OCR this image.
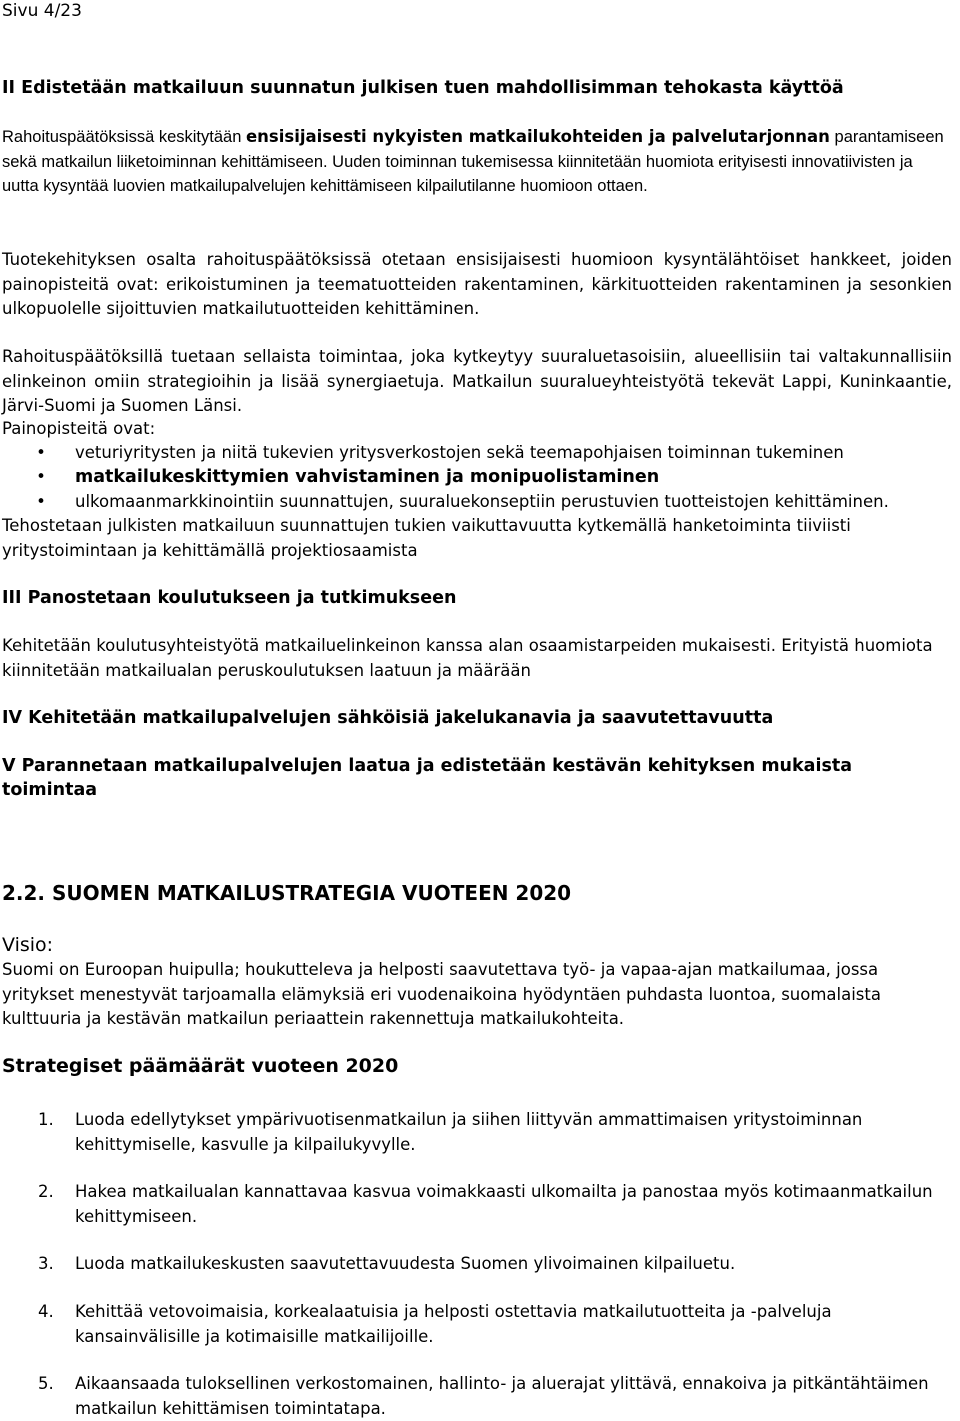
Sivu 4/23
II Edistetään matkailuun suunnatun julkisen tuen mahdollisimman tehokasta käyttöä
Rahoituspäätöksissä keskitytään ensisijaisesti nykyisten matkailukohteiden ja palvelutarjonnan parantamiseen sekä matkailun liiketoiminnan kehittämiseen. Uuden toiminnan tukemisessa kiinnitetään huomiota erityisesti innovatiivisten ja uutta kysyntää luovien matkailupalvelujen kehittämiseen kilpailutilanne huomioon ottaen.
Tuotekehityksen osalta rahoituspäätöksissä otetaan ensisijaisesti huomioon kysyntälähtöiset hankkeet, joiden painopisteitä ovat: erikoistuminen ja teematuotteiden rakentaminen, kärkituotteiden rakentaminen ja sesonkien ulkopuolelle sijoittuvien matkailutuotteiden kehittäminen.
Rahoituspäätöksillä tuetaan sellaista toimintaa, joka kytkeytyy suuraluetasoisiin, alueellisiin tai valtakunnallisiin elinkeinon omiin strategioihin ja lisää synergiaetuja. Matkailun suuralueyhteistyötä tekevät Lappi, Kuninkaantie, Järvi-Suomi ja Suomen Länsi.
Painopisteitä ovat:
• veturiyritysten ja niitä tukevien yritysverkostojen sekä teemapohjaisen toiminnan tukeminen
• matkailukeskittymien vahvistaminen ja monipuolistaminen
• ulkomaanmarkkinointiin suunnattujen, suuraluekonseptiin perustuvien tuotteistojen kehittäminen.
Tehostetaan julkisten matkailuun suunnattujen tukien vaikuttavuutta kytkemällä hanketoiminta tiiviisti yritystoimintaan ja kehittämällä projektiosaamista
III Panostetaan koulutukseen ja tutkimukseen
Kehitetään koulutusyhteistyötä matkailuelinkeinon kanssa alan osaamistarpeiden mukaisesti. Erityistä huomiota kiinnitetään matkailualan peruskoulutuksen laatuun ja määrään
IV Kehitetään matkailupalvelujen sähköisiä jakelukanavia ja saavutettavuutta
V Parannetaan matkailupalvelujen laatua ja edistetään kestävän kehityksen mukaista toimintaa
2.2. SUOMEN MATKAILUSTRATEGIA VUOTEEN 2020
Visio:
Suomi on Euroopan huipulla; houkutteleva ja helposti saavutettava työ- ja vapaa-ajan matkailumaa, jossa yritykset menestyvät tarjoamalla elämyksiä eri vuodenaikoina hyödyntäen puhdasta luontoa, suomalaista kulttuuria ja kestävän matkailun periaattein rakennettuja matkailukohteita.
Strategiset päämäärät vuoteen 2020
1. Luoda edellytykset ympärivuotisenmatkailun ja siihen liittyvän ammattimaisen yritystoiminnan kehittymiselle, kasvulle ja kilpailukyvylle.
2. Hakea matkailualan kannattavaa kasvua voimakkaasti ulkomailta ja panostaa myös kotimaanmatkailun kehittymiseen.
3. Luoda matkailukeskusten saavutettavuudesta Suomen ylivoimainen kilpailuetu.
4. Kehittää vetovoimaisia, korkealaatuisia ja helposti ostettavia matkailutuotteita ja -palveluja kansainvälisille ja kotimaisille matkailijoille.
5. Aikaansaada tuloksellinen verkostomainen, hallinto- ja aluerajat ylittävä, ennakoiva ja pitkäntähtäimen matkailun kehittämisen toimintatapa.
